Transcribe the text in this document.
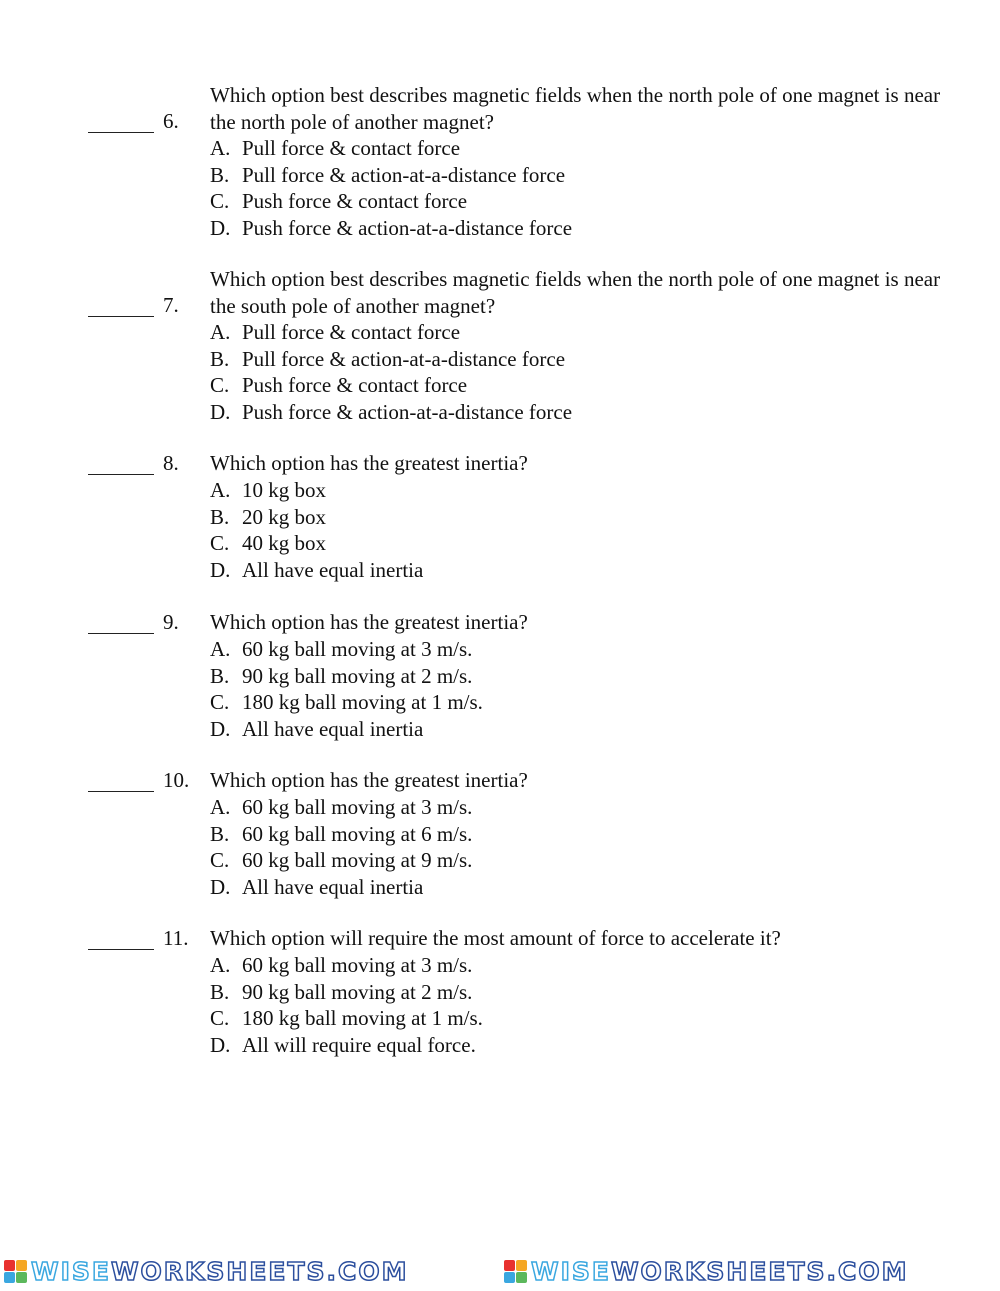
6.
Which option best describes magnetic fields when the north pole of one magnet is near the north pole of another magnet?
A. Pull force & contact force
B. Pull force & action-at-a-distance force
C. Push force & contact force
D. Push force & action-at-a-distance force
7.
Which option best describes magnetic fields when the north pole of one magnet is near the south pole of another magnet?
A. Pull force & contact force
B. Pull force & action-at-a-distance force
C. Push force & contact force
D. Push force & action-at-a-distance force
8. Which option has the greatest inertia?
A. 10 kg box
B. 20 kg box
C. 40 kg box
D. All have equal inertia
9. Which option has the greatest inertia?
A. 60 kg ball moving at 3 m/s.
B. 90 kg ball moving at 2 m/s.
C. 180 kg ball moving at 1 m/s.
D. All have equal inertia
10. Which option has the greatest inertia?
A. 60 kg ball moving at 3 m/s.
B. 60 kg ball moving at 6 m/s.
C. 60 kg ball moving at 9 m/s.
D. All have equal inertia
11. Which option will require the most amount of force to accelerate it?
A. 60 kg ball moving at 3 m/s.
B. 90 kg ball moving at 2 m/s.
C. 180 kg ball moving at 1 m/s.
D. All will require equal force.
WISEWORKSHEETS.COM	WISEWORKSHEETS.COM
